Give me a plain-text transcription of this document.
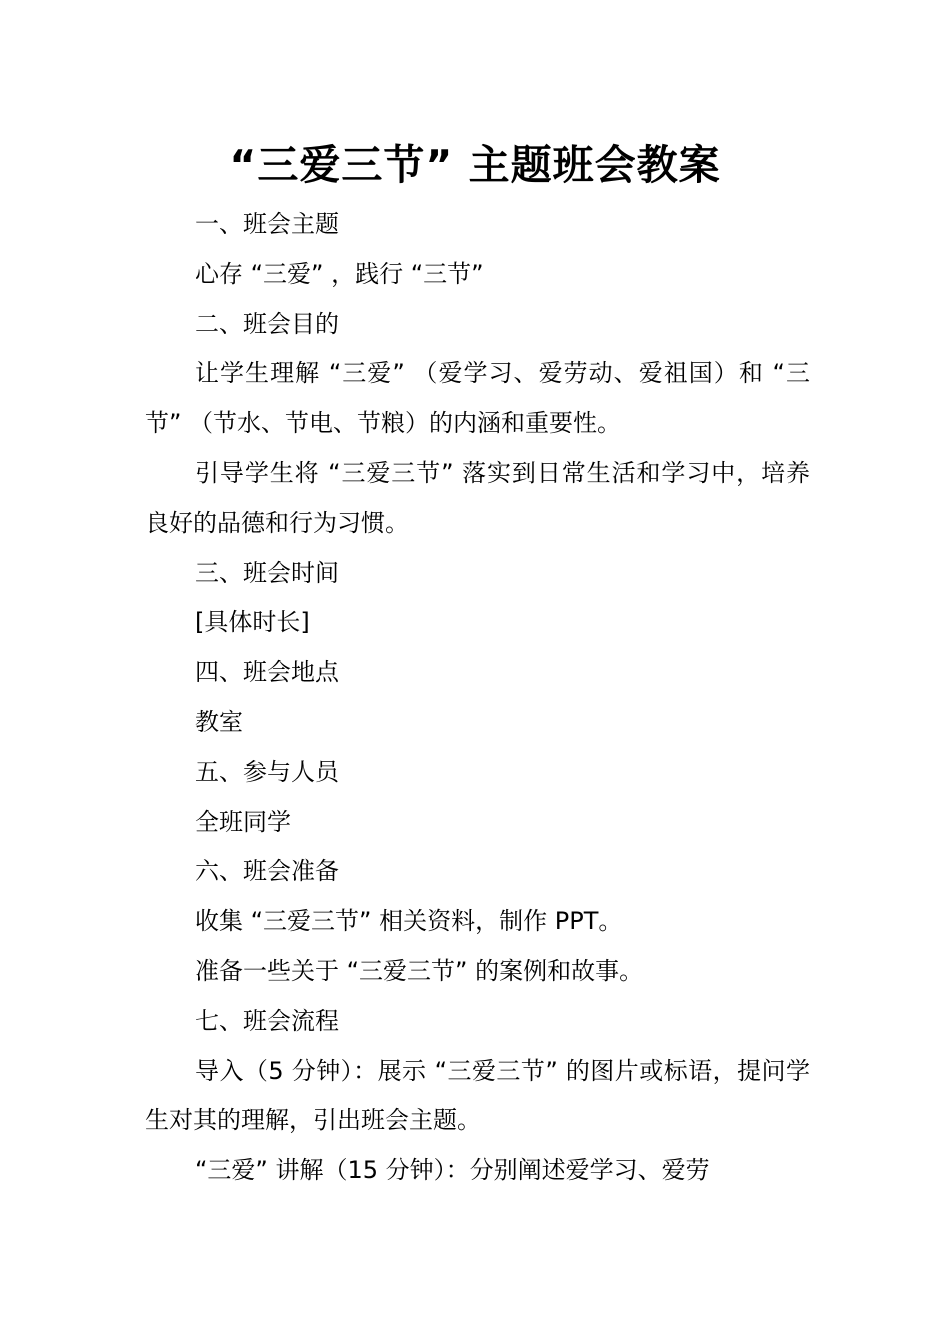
“三爱三节” 主题班会教案

一、班会主题

心存 “三爱” ，践行 “三节”

二、班会目的

让学生理解 “三爱” （爱学习、爱劳动、爱祖国）和 “三节” （节水、节电、节粮）的内涵和重要性。

引导学生将 “三爱三节” 落实到日常生活和学习中，培养良好的品德和行为习惯。

三、班会时间

[具体时长]

四、班会地点

教室

五、参与人员

全班同学

六、班会准备

收集 “三爱三节” 相关资料，制作 PPT。

准备一些关于 “三爱三节” 的案例和故事。

七、班会流程

导入（5 分钟）：展示 “三爱三节” 的图片或标语，提问学生对其的理解，引出班会主题。

“三爱” 讲解（15 分钟）：分别阐述爱学习、爱劳
